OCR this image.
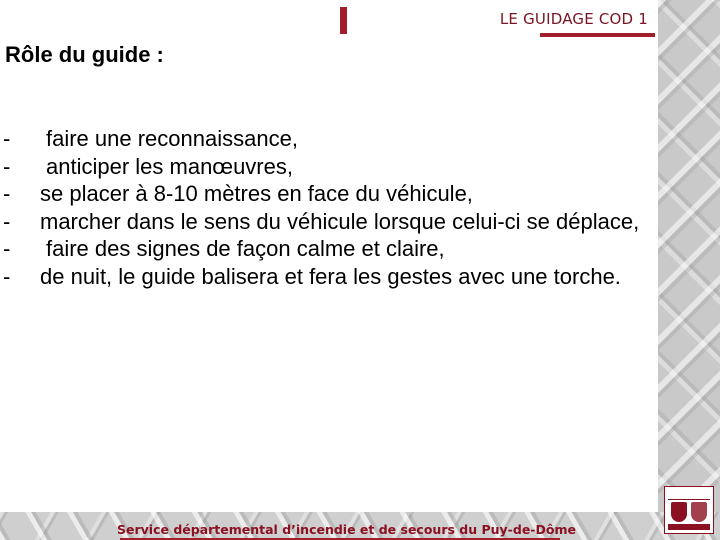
LE GUIDAGE COD 1
Rôle du guide :
- faire une reconnaissance,
- anticiper les manœuvres,
- se placer à 8-10 mètres en face du véhicule,
- marcher dans le sens du véhicule lorsque celui-ci se déplace,
- faire des signes de façon calme et claire,
- de nuit, le guide balisera et fera les gestes avec une torche.
Service départemental d’incendie et de secours du Puy-de-Dôme
